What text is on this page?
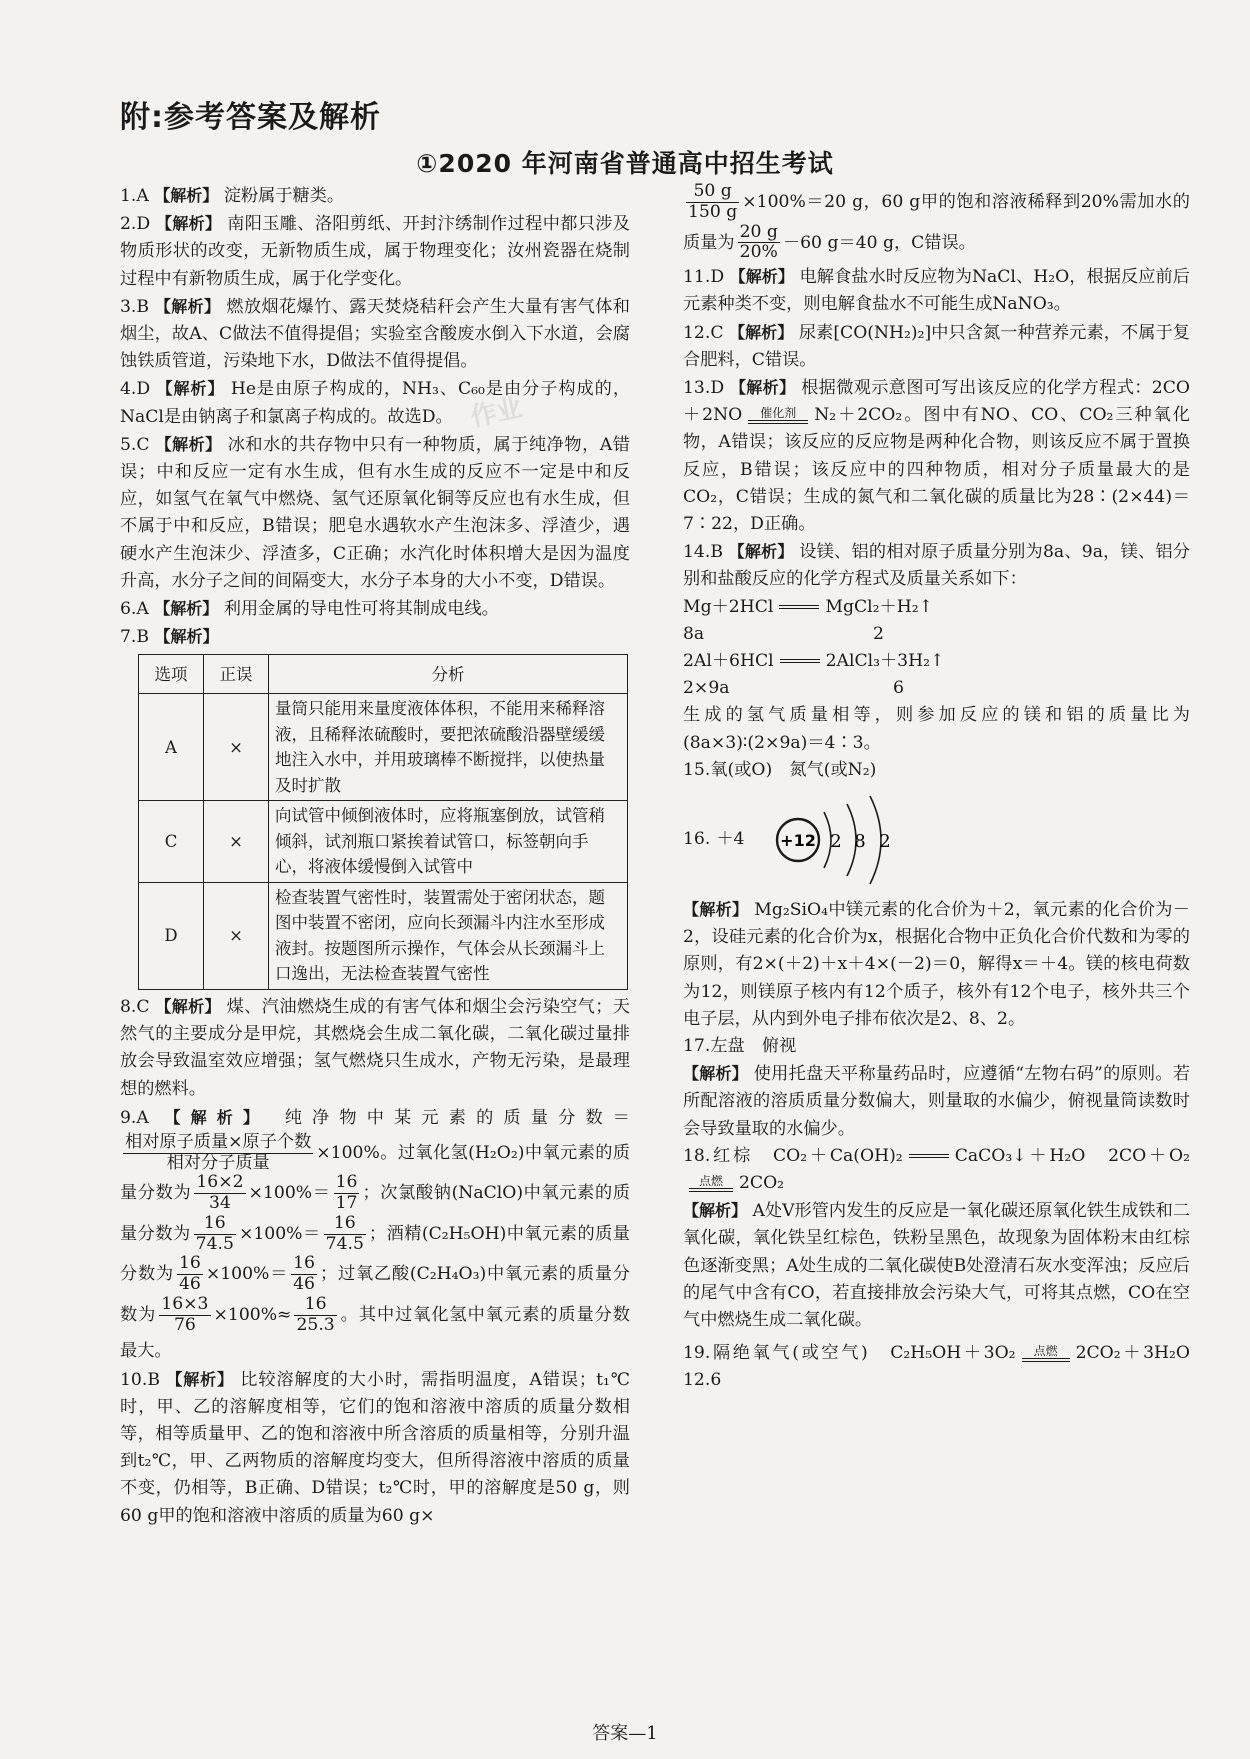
附:参考答案及解析
①2020 年河南省普通高中招生考试

1.A 【解析】 淀粉属于糖类。

2.D 【解析】 南阳玉雕、洛阳剪纸、开封汴绣制作过程中都只涉及物质形状的改变，无新物质生成，属于物理变化；汝州瓷器在烧制过程中有新物质生成，属于化学变化。

3.B 【解析】 燃放烟花爆竹、露天焚烧秸秆会产生大量有害气体和烟尘，故A、C做法不值得提倡；实验室含酸废水倒入下水道，会腐蚀铁质管道，污染地下水，D做法不值得提倡。

4.D 【解析】 He是由原子构成的，NH₃、C₆₀是由分子构成的，NaCl是由钠离子和氯离子构成的。故选D。

5.C 【解析】 冰和水的共存物中只有一种物质，属于纯净物，A错误；中和反应一定有水生成，但有水生成的反应不一定是中和反应，如氢气在氧气中燃烧、氢气还原氧化铜等反应也有水生成，但不属于中和反应，B错误；肥皂水遇软水产生泡沫多、浮渣少，遇硬水产生泡沫少、浮渣多，C正确；水汽化时体积增大是因为温度升高，水分子之间的间隔变大，水分子本身的大小不变，D错误。

6.A 【解析】 利用金属的导电性可将其制成电线。

7.B 【解析】

选项	正误	分析
A	×	量筒只能用来量度液体体积，不能用来稀释溶液，且稀释浓硫酸时，要把浓硫酸沿器壁缓缓地注入水中，并用玻璃棒不断搅拌，以使热量及时扩散
C	×	向试管中倾倒液体时，应将瓶塞倒放，试管稍倾斜，试剂瓶口紧挨着试管口，标签朝向手心，将液体缓慢倒入试管中
D	×	检查装置气密性时，装置需处于密闭状态，题图中装置不密闭，应向长颈漏斗内注水至形成液封。按题图所示操作，气体会从长颈漏斗上口逸出，无法检查装置气密性

8.C 【解析】 煤、汽油燃烧生成的有害气体和烟尘会污染空气；天然气的主要成分是甲烷，其燃烧会生成二氧化碳，二氧化碳过量排放会导致温室效应增强；氢气燃烧只生成水，产物无污染，是最理想的燃料。

9.A 【解析】 纯净物中某元素的质量分数＝
$\frac{\text{相对原子质量×原子个数}}{\text{相对分子质量}} \times 100\%$。过氧化氢(H₂O₂)中氧元素的质量分数为 $\frac{16\times 2}{34} \times 100\%= \frac{16}{17}$ ；次氯酸钠(NaClO)中氧元素的质量分数为 $\frac{16}{74.5} \times 100\%= \frac{16}{74.5}$ ；酒精(C₂H₅OH)中氧元素的质量分数为 $\frac{16}{46} \times 100\%= \frac{16}{46}$ ；过氧乙酸(C₂H₄O₃)中氧元素的质量分数为 $\frac{16\times 3}{76} \times 100\%\approx \frac{16}{25.3}$ 。其中过氧化氢中氧元素的质量分数最大。

10.B 【解析】 比较溶解度的大小时，需指明温度，A错误；t₁℃时，甲、乙的溶解度相等，它们的饱和溶液中溶质的质量分数相等，相等质量甲、乙的饱和溶液中所含溶质的质量相等，分别升温到t₂℃，甲、乙两物质的溶解度均变大，但所得溶液中溶质的质量不变，仍相等，B正确、D错误；t₂℃时，甲的溶解度是50 g，则60 g甲的饱和溶液中溶质的质量为60 g×

$\frac{50 g}{150 g} \times 100\%=20$ g，60 g甲的饱和溶液稀释到20%需加水的质量为 $\frac{20 g}{20\%} -60$ g＝40 g，C错误。

11.D 【解析】 电解食盐水时反应物为NaCl、H₂O，根据反应前后元素种类不变，则电解食盐水不可能生成NaNO₃。

12.C 【解析】 尿素[CO(NH₂)₂]中只含氮一种营养元素，不属于复合肥料，C错误。

13.D 【解析】 根据微观示意图可写出该反应的化学方程式：2CO＋2NO	催化剂	N₂＋2CO₂。图中有NO、CO、CO₂三种氧化物，A错误；该反应的反应物是两种化合物，则该反应不属于置换反应，B错误；该反应中的四种物质，相对分子质量最大的是CO₂，C错误；生成的氮气和二氧化碳的质量比为28∶(2×44)＝7∶22，D正确。

14.B 【解析】 设镁、铝的相对原子质量分别为8a、9a，镁、铝分别和盐酸反应的化学方程式及质量关系如下：

Mg＋2HCl	MgCl₂＋H₂↑

8a	2

2Al＋6HCl	2AlCl₃＋3H₂↑

2×9a	6

生成的氢气质量相等，则参加反应的镁和铝的质量比为(8a×3)∶(2×9a)＝4∶3。

15.氧(或O)　氮气(或N₂)

16. ＋4 +12 2 8 2

【解析】 Mg₂SiO₄中镁元素的化合价为＋2，氧元素的化合价为－2，设硅元素的化合价为x，根据化合物中正负化合价代数和为零的原则，有2×(＋2)＋x＋4×(－2)＝0，解得x＝＋4。镁的核电荷数为12，则镁原子核内有12个质子，核外有12个电子，核外共三个电子层，从内到外电子排布依次是2、8、2。

17.左盘　俯视

【解析】 使用托盘天平称量药品时，应遵循“左物右码”的原则。若所配溶液的溶质质量分数偏大，则量取的水偏少，俯视量筒读数时会导致量取的水偏少。

18.红棕　CO₂＋Ca(OH)₂	CaCO₃↓＋H₂O　2CO＋O₂
点燃 2CO₂

【解析】 A处V形管内发生的反应是一氧化碳还原氧化铁生成铁和二氧化碳，氧化铁呈红棕色，铁粉呈黑色，故现象为固体粉末由红棕色逐渐变黑；A处生成的二氧化碳使B处澄清石灰水变浑浊；反应后的尾气中含有CO，若直接排放会污染大气，可将其点燃，CO在空气中燃烧生成二氧化碳。

19.隔绝氧气(或空气)　C₂H₅OH＋3O₂	点燃	2CO₂＋3H₂O　12.6

作业
答案—1
